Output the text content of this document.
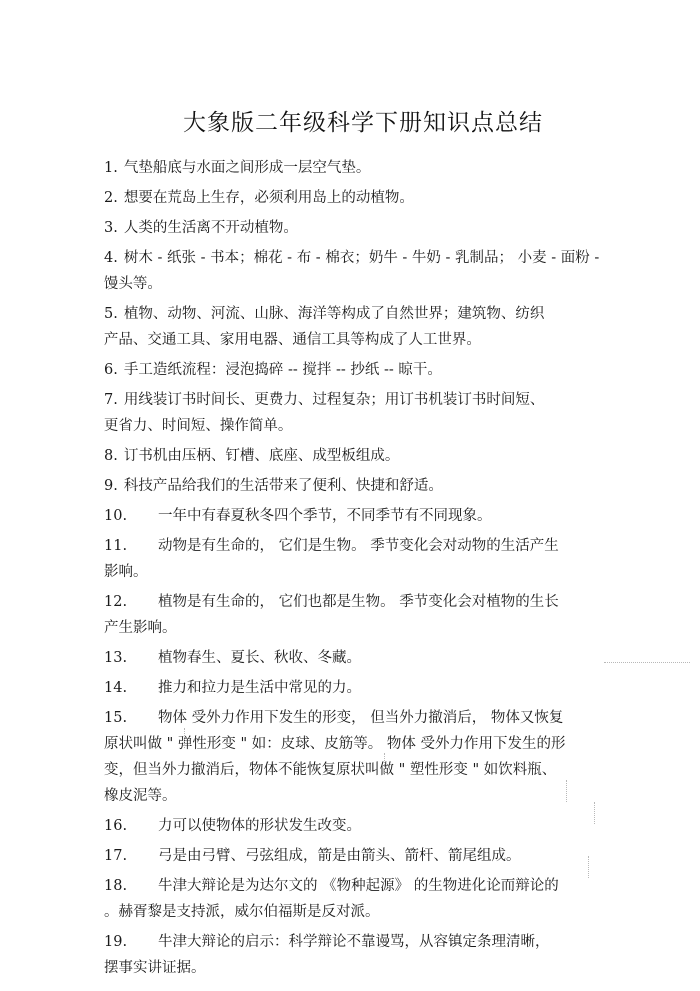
大象版二年级科学下册知识点总结
1. 气垫船底与水面之间形成一层空气垫。
2. 想要在荒岛上生存，必须利用岛上的动植物。
3. 人类的生活离不开动植物。
4. 树木 - 纸张 - 书本；棉花 - 布 - 棉衣；奶牛 - 牛奶 - 乳制品； 小麦 - 面粉 -
馒头等。
5. 植物、动物、河流、山脉、海洋等构成了自然世界；建筑物、纺织
产品、交通工具、家用电器、通信工具等构成了人工世界。
6. 手工造纸流程：浸泡捣碎 -- 搅拌 -- 抄纸 -- 晾干。
7. 用线装订书时间长、更费力、过程复杂；用订书机装订书时间短、
更省力、时间短、操作简单。
8. 订书机由压柄、钉槽、底座、成型板组成。
9. 科技产品给我们的生活带来了便利、快捷和舒适。
10.	一年中有春夏秋冬四个季节，不同季节有不同现象。
11.	动物是有生命的， 它们是生物。 季节变化会对动物的生活产生
影响。
12.	植物是有生命的， 它们也都是生物。 季节变化会对植物的生长
产生影响。
13.	植物春生、夏长、秋收、冬藏。
14.	推力和拉力是生活中常见的力。
15.	物体 受外力作用下发生的形变， 但当外力撤消后， 物体又恢复
原状叫做 " 弹性形变 " 如：皮球、皮筋等。 物体 受外力作用下发生的形
变，但当外力撤消后，物体不能恢复原状叫做 " 塑性形变 " 如饮料瓶、
橡皮泥等。
16.	力可以使物体的形状发生改变。
17.	弓是由弓臂、弓弦组成，箭是由箭头、箭杆、箭尾组成。
18.	牛津大辩论是为达尔文的 《物种起源》 的生物进化论而辩论的
。赫胥黎是支持派，威尔伯福斯是反对派。
19.	牛津大辩论的启示：科学辩论不靠谩骂，从容镇定条理清晰，
摆事实讲证据。
